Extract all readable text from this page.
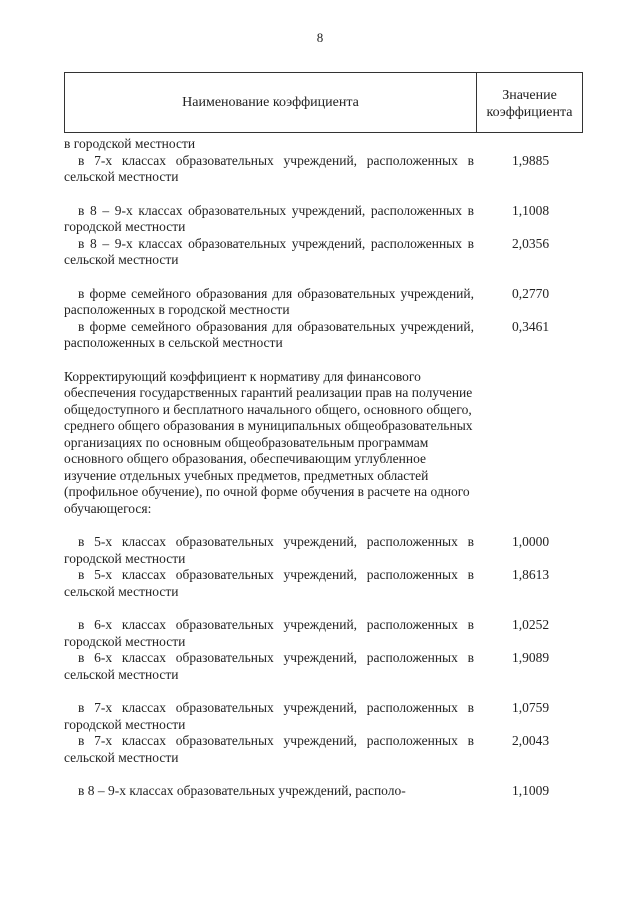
8
Наименование коэффициента	Значение
коэффициента
в городской местности
в 7-х классах образовательных учреждений, расположенных в сельской местности
1,9885
в 8 – 9-х классах образовательных учреждений, расположенных в городской местности
1,1008
в 8 – 9-х классах образовательных учреждений, расположенных в сельской местности
2,0356
в форме семейного образования для образовательных учреждений, расположенных в городской местности
0,2770
в форме семейного образования для образовательных учреждений, расположенных в сельской местности
0,3461
Корректирующий коэффициент к нормативу для финансового обеспечения государственных гарантий реализации прав на получение общедоступного и бесплатного начального общего, основного общего, среднего общего образования в муниципальных общеобразовательных организациях по основным общеобразовательным программам основного общего образования, обеспечивающим углубленное изучение отдельных учебных предметов, предметных областей (профильное обучение), по очной форме обучения в расчете на одного обучающегося:
в 5-х классах образовательных учреждений, расположенных в городской местности
1,0000
в 5-х классах образовательных учреждений, расположенных в сельской местности
1,8613
в 6-х классах образовательных учреждений, расположенных в городской местности
1,0252
в 6-х классах образовательных учреждений, расположенных в сельской местности
1,9089
в 7-х классах образовательных учреждений, расположенных в городской местности
1,0759
в 7-х классах образовательных учреждений, расположенных в сельской местности
2,0043
в 8 – 9-х классах образовательных учреждений, располо-	1,1009
